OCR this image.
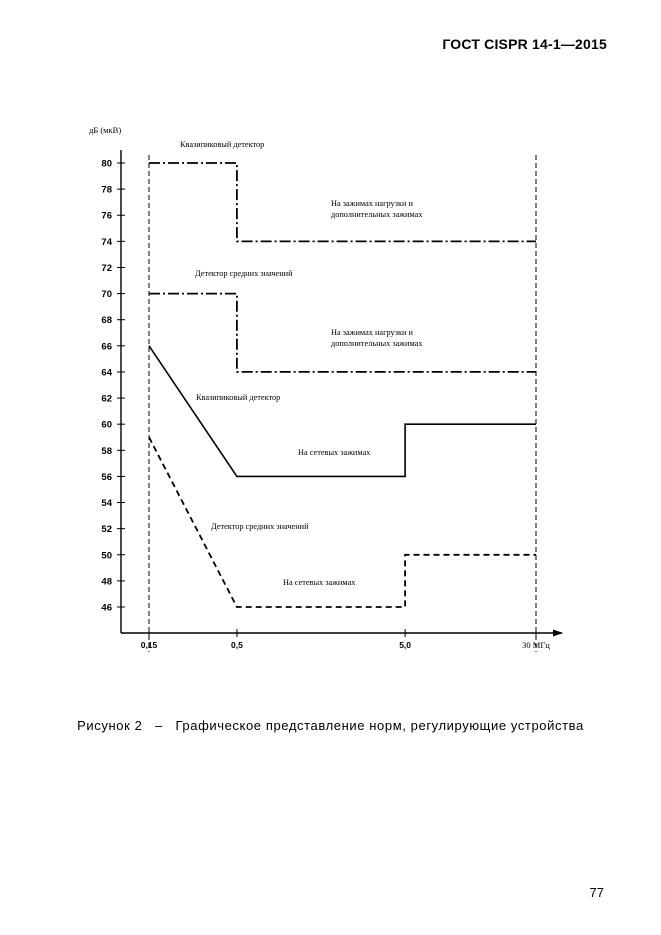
ГОСТ CISPR 14-1—2015
46
48
50
52
54
56
58
60
62
64
66
68
70
72
74
76
78
80
0,15	0,5	5,0	30 МГц
Квазипиковый детектор
На зажимах нагрузки и дополнительных зажимах
Детектор средних значений
На зажимах нагрузки и дополнительных зажимах
Квазипиковый детектор
На сетевых зажимах
Детектор средних значений
На сетевых зажимах
дБ (мкВ)
Рисунок 2   –   Графическое представление норм, регулирующие устройства
77
